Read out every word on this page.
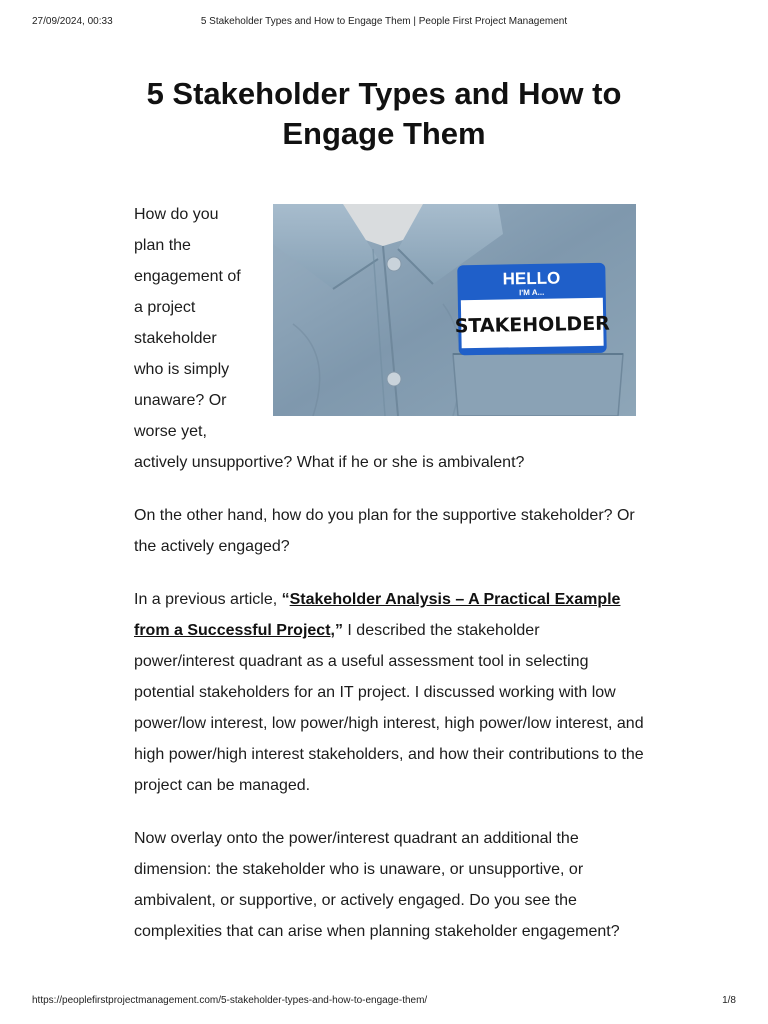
27/09/2024, 00:33	5 Stakeholder Types and How to Engage Them | People First Project Management
5 Stakeholder Types and How to Engage Them
HELLO
I'M A...
STAKEHOLDER
How do you
plan the
engagement of
a project
stakeholder
who is simply
unaware? Or
worse yet,

actively unsupportive? What if he or she is ambivalent?

On the other hand, how do you plan for the supportive stakeholder? Or the actively engaged?

In a previous article, “Stakeholder Analysis – A Practical Example from a Successful Project,” I described the stakeholder power/interest quadrant as a useful assessment tool in selecting potential stakeholders for an IT project. I discussed working with low power/low interest, low power/high interest, high power/low interest, and high power/high interest stakeholders, and how their contributions to the project can be managed.

Now overlay onto the power/interest quadrant an additional the dimension: the stakeholder who is unaware, or unsupportive, or ambivalent, or supportive, or actively engaged. Do you see the complexities that can arise when planning stakeholder engagement?

https://peoplefirstprojectmanagement.com/5-stakeholder-types-and-how-to-engage-them/	1/8
